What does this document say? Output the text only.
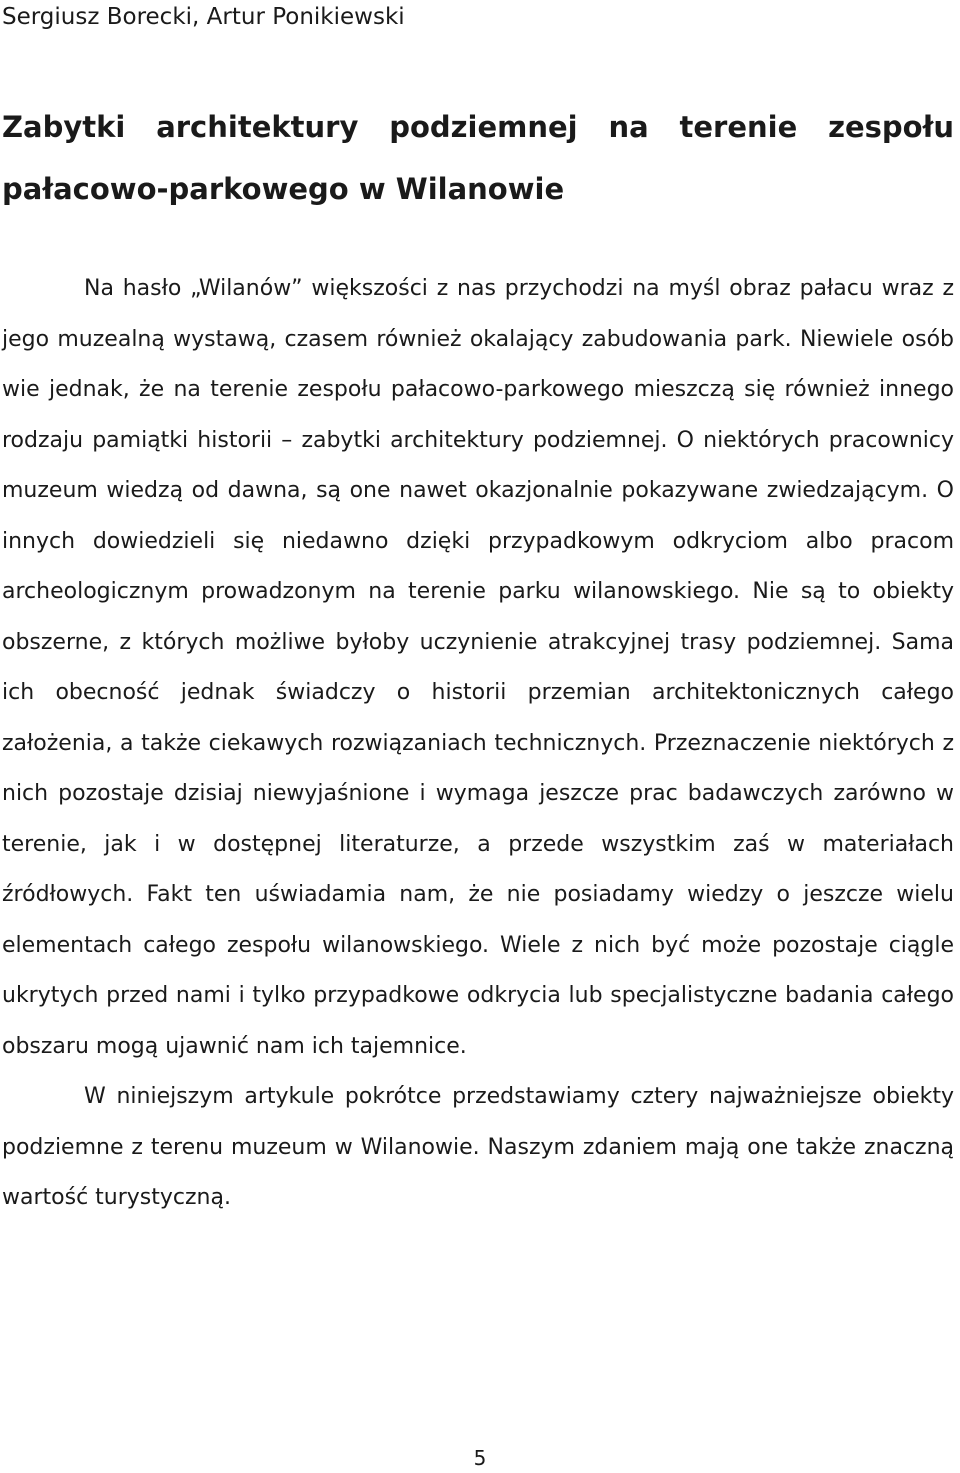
Sergiusz Borecki, Artur Ponikiewski
Zabytki architektury podziemnej na terenie zespołu pałacowo-parkowego w Wilanowie

Na hasło „Wilanów” większości z nas przychodzi na myśl obraz pałacu wraz z jego muzealną wystawą, czasem również okalający zabudowania park. Niewiele osób wie jednak, że na terenie zespołu pałacowo-parkowego mieszczą się również innego rodzaju pamiątki historii – zabytki architektury podziemnej. O niektórych pracownicy muzeum wiedzą od dawna, są one nawet okazjonalnie pokazywane zwiedzającym. O innych dowiedzieli się niedawno dzięki przypadkowym odkryciom albo pracom archeologicznym prowadzonym na terenie parku wilanowskiego. Nie są to obiekty obszerne, z których możliwe byłoby uczynienie atrakcyjnej trasy podziemnej. Sama ich obecność jednak świadczy o historii przemian architektonicznych całego założenia, a także ciekawych rozwiązaniach technicznych. Przeznaczenie niektórych z nich pozostaje dzisiaj niewyjaśnione i wymaga jeszcze prac badawczych zarówno w terenie, jak i w dostępnej literaturze, a przede wszystkim zaś w materiałach źródłowych. Fakt ten uświadamia nam, że nie posiadamy wiedzy o jeszcze wielu elementach całego zespołu wilanowskiego. Wiele z nich być może pozostaje ciągle ukrytych przed nami i tylko przypadkowe odkrycia lub specjalistyczne badania całego obszaru mogą ujawnić nam ich tajemnice.

W niniejszym artykule pokrótce przedstawiamy cztery najważniejsze obiekty podziemne z terenu muzeum w Wilanowie. Naszym zdaniem mają one także znaczną wartość turystyczną.

5
